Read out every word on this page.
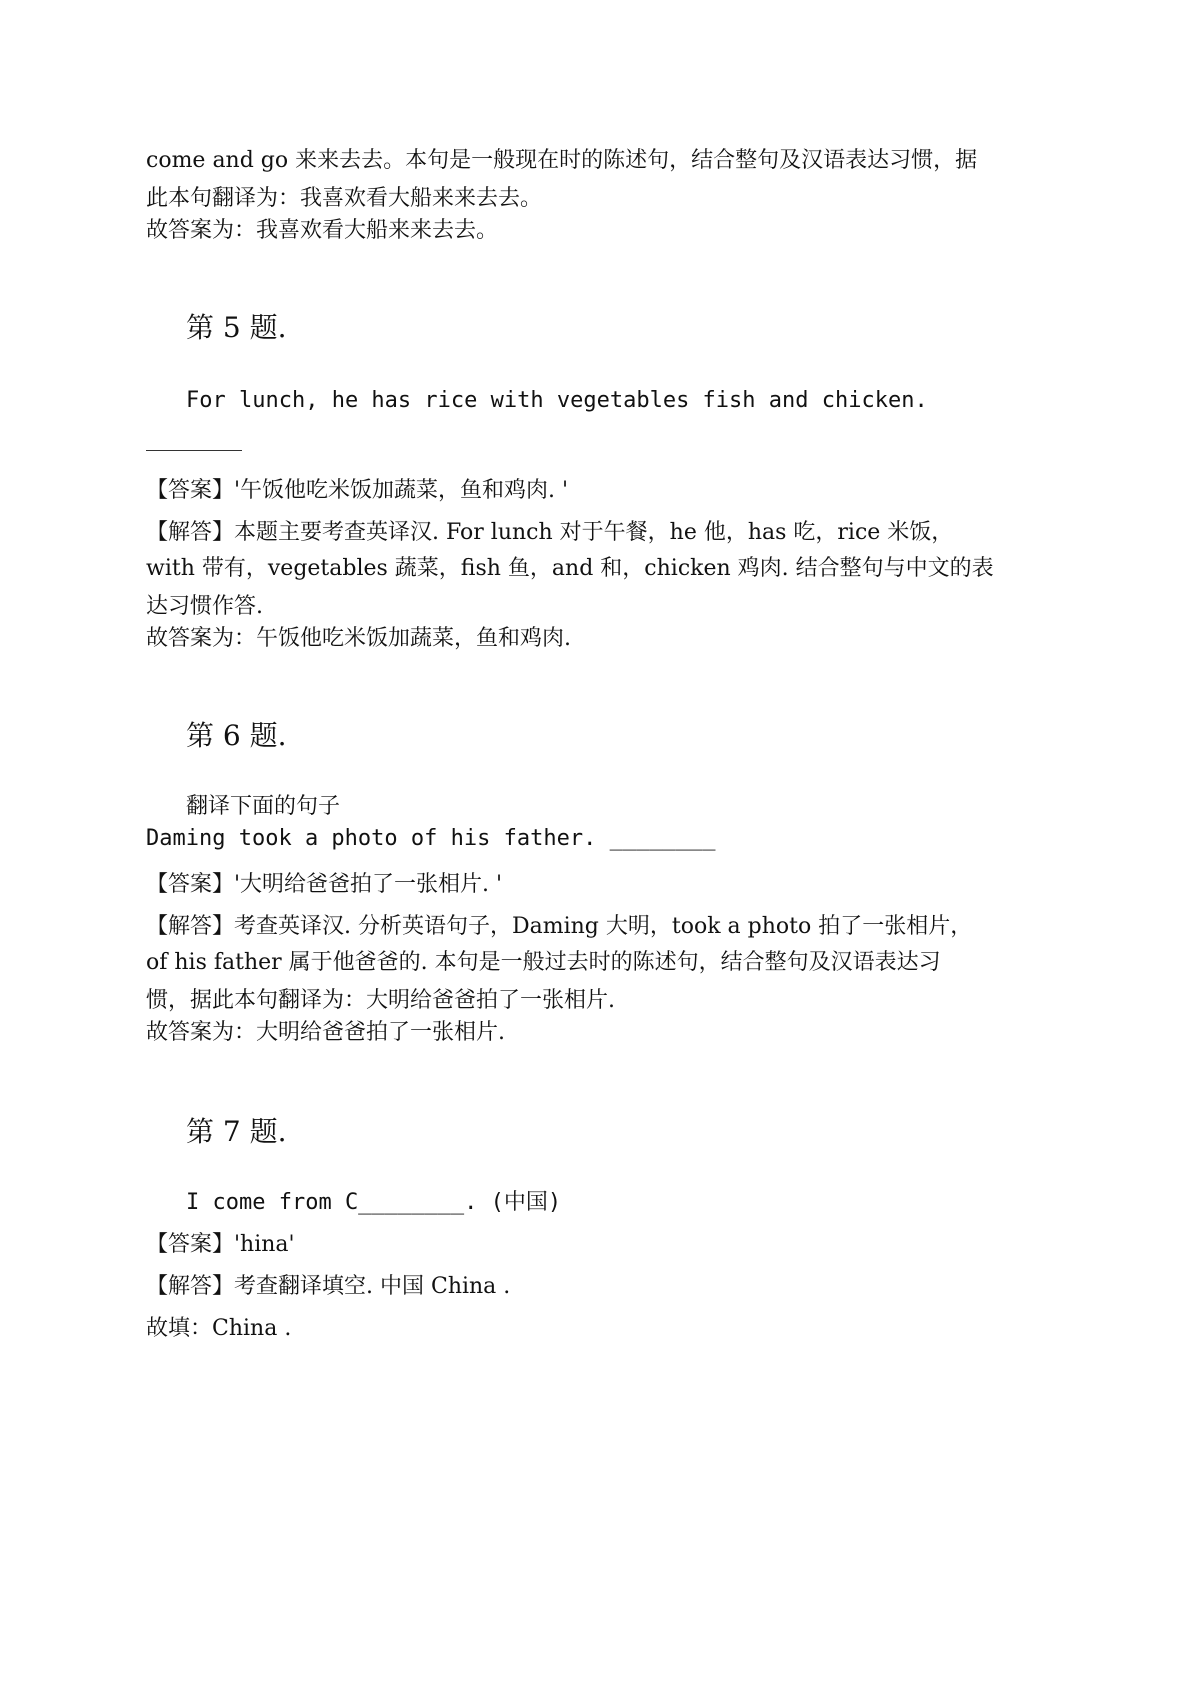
come and go 来来去去。本句是一般现在时的陈述句，结合整句及汉语表达习惯，据
此本句翻译为：我喜欢看大船来来去去。
故答案为：我喜欢看大船来来去去。
第 5 题.
For lunch, he has rice with vegetables fish and chicken.
【答案】'午饭他吃米饭加蔬菜，鱼和鸡肉. '
【解答】本题主要考查英译汉. For lunch 对于午餐，he 他，has 吃，rice 米饭，
with 带有，vegetables 蔬菜，fish 鱼，and 和，chicken 鸡肉. 结合整句与中文的表
达习惯作答.
故答案为：午饭他吃米饭加蔬菜，鱼和鸡肉.
第 6 题.
翻译下面的句子
Daming took a photo of his father. ________
【答案】'大明给爸爸拍了一张相片. '
【解答】考查英译汉. 分析英语句子，Daming 大明，took a photo 拍了一张相片，
of his father 属于他爸爸的. 本句是一般过去时的陈述句，结合整句及汉语表达习
惯，据此本句翻译为：大明给爸爸拍了一张相片.
故答案为：大明给爸爸拍了一张相片.
第 7 题.
I come from C________. (中国)
【答案】'hina'
【解答】考查翻译填空. 中国 China .
故填：China .
